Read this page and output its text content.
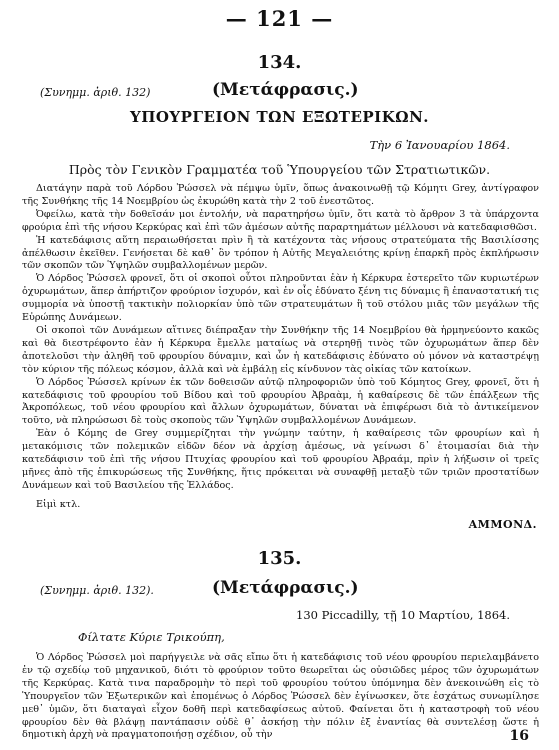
— 121 —
134.
(Συνημμ. ἀριθ. 132)	(Μετάφρασις.)
ΥΠΟΥΡΓΕΙΟΝ ΤΩΝ ΕΞΩΤΕΡΙΚΩΝ.
Τὴν 6 Ἰανουαρίου 1864.
Πρὸς τὸν Γενικὸν Γραμματέα τοῦ Ὑπουργείου τῶν Στρατιωτικῶν.

Διατάγην παρὰ τοῦ Λόρδου Ῥώσσελ νὰ πέμψω ὑμῖν, ὅπως ἀνακοινωθῇ τῷ Κόμητι Grey, ἀντίγραφον τῆς Συνθήκης τῆς 14 Νοεμβρίου ὡς ἐκυρώθη κατὰ τὴν 2 τοῦ ἐνεστῶτος.

Ὀφείλω, κατὰ τὴν δοθεῖσάν μοι ἐντολήν, νὰ παρατηρήσω ὑμῖν, ὅτι κατὰ τὸ ἄρθρον 3 τὰ ὑπάρχοντα φρούρια ἐπὶ τῆς νήσου Κερκύρας καὶ ἐπὶ τῶν ἀμέσων αὐτῆς παραρτημάτων μέλλουσι νὰ κατεδαφισθῶσι.

Ἡ κατεδάφισις αὕτη περαιωθήσεται πρὶν ἢ τὰ κατέχοντα τὰς νήσους στρατεύματα τῆς Βασιλίσσης ἀπέλθωσιν ἐκεῖθεν. Γενήσεται δὲ καθ᾽ ὃν τρόπον ἡ Αὐτῆς Μεγαλειότης κρίνῃ ἐπαρκῆ πρὸς ἐκπλήρωσιν τῶν σκοπῶν τῶν Ὑψηλῶν συμβαλλομένων μερῶν.

Ὁ Λόρδος Ῥώσσελ φρονεῖ, ὅτι οἱ σκοποὶ οὗτοι πληροῦνται ἐὰν ἡ Κέρκυρα ἐστερεῖτο τῶν κυριωτέρων ὀχυρωμάτων, ἅπερ ἀπήρτιζον φρούριον ἰσχυρόν, καὶ ἐν οἷς ἐδύνατο ξένη τις δύναμις ἢ ἐπαναστατική τις συμμορία νὰ ὑποστῇ τακτικὴν πολιορκίαν ὑπὸ τῶν στρατευμάτων ἢ τοῦ στόλου μιᾶς τῶν μεγάλων τῆς Εὐρώπης Δυνάμεων.

Οἱ σκοποὶ τῶν Δυνάμεων αἵτινες διέπραξαν τὴν Συνθήκην τῆς 14 Νοεμβρίου θὰ ἡρμηνεύοντο κακῶς καὶ θὰ διεστρέφοντο ἐὰν ἡ Κέρκυρα ἔμελλε ματαίως νὰ στερηθῇ τινὸς τῶν ὀχυρωμάτων ἅπερ δὲν ἀποτελοῦσι τὴν ἀληθῆ τοῦ φρουρίου δύναμιν, καὶ ὧν ἡ κατεδάφισις ἐδύνατο οὐ μόνον νὰ καταστρέψῃ τὸν κύριον τῆς πόλεως κόσμον, ἀλλὰ καὶ νὰ ἐμβάλῃ εἰς κίνδυνον τὰς οἰκίας τῶν κατοίκων.

Ὁ Λόρδος Ῥώσσελ κρίνων ἐκ τῶν δοθεισῶν αὐτῷ πληροφοριῶν ὑπὸ τοῦ Κόμητος Grey, φρονεῖ, ὅτι ἡ κατεδάφισις τοῦ φρουρίου τοῦ Βίδου καὶ τοῦ φρουρίου Ἀβραὰμ, ἡ καθαίρεσις δὲ τῶν ἐπάλξεων τῆς Ἀκροπόλεως, τοῦ νέου φρουρίου καὶ ἄλλων ὀχυρωμάτων, δύναται νὰ ἐπιφέρωσι διὰ τὸ ἀντικείμενον τοῦτο, νὰ πληρώσωσι δὲ τοὺς σκοποὺς τῶν Ὑψηλῶν συμβαλλομένων Δυνάμεων.

Ἐὰν ὁ Κόμης de Grey συμμερίζηται τὴν γνώμην ταύτην, ἡ καθαίρεσις τῶν φρουρίων καὶ ἡ μετακόμισις τῶν πολεμικῶν εἰδῶν δέον νὰ ἀρχίσῃ ἀμέσως, νὰ γείνωσι δ᾽ ἑτοιμασίαι διὰ τὴν κατεδάφισιν τοῦ ἐπὶ τῆς νήσου Πτυχίας φρουρίου καὶ τοῦ φρουρίου Ἀβραάμ, πρὶν ἡ λήξωσιν οἱ τρεῖς μῆνες ἀπὸ τῆς ἐπικυρώσεως τῆς Συνθήκης, ἥτις πρόκειται νὰ συναφθῇ μεταξὺ τῶν τριῶν προστατίδων Δυνάμεων καὶ τοῦ Βασιλείου τῆς Ἑλλάδος.

Εἰμὶ κτλ.

ΑΜΜΟΝΔ.
135.
(Συνημμ. ἀριθ. 132).	(Μετάφρασις.)
130 Piccadilly, τῇ 10 Μαρτίου, 1864.
Φίλτατε Κύριε Τρικούπη,

Ὁ Λόρδος Ῥώσσελ μοὶ παρήγγειλε νὰ σᾶς εἴπω ὅτι ἡ κατεδάφισις τοῦ νέου φρουρίου περιελαμβάνετο ἐν τῷ σχεδίῳ τοῦ μηχανικοῦ, διότι τὸ φρούριον τοῦτο θεωρεῖται ὡς οὐσιῶδες μέρος τῶν ὀχυρωμάτων τῆς Κερκύρας. Κατὰ τινα παραδρομὴν τὸ περὶ τοῦ φρουρίου τούτου ὑπόμνημα δὲν ἀνεκοινώθη εἰς τὸ Ὑπουργεῖον τῶν Ἐξωτερικῶν καὶ ἐπομένως ὁ Λόρδος Ῥώσσελ δὲν ἐγίνωσκεν, ὅτε ἐσχάτως συνωμίλησε μεθ᾽ ὑμῶν, ὅτι διαταγαὶ εἶχον δοθῆ περὶ κατεδαφίσεως αὐτοῦ. Φαίνεται ὅτι ἡ καταστροφὴ τοῦ νέου φρουρίου δὲν θὰ βλάψῃ παντάπασιν οὐδὲ θ᾽ ἀσκήσῃ τὴν πόλιν ἐξ ἐναντίας θὰ συντελέσῃ ὥστε ἡ δημοτικὴ ἀρχὴ νὰ πραγματοποιήσῃ σχέδιον, οὗ τὴν	16
